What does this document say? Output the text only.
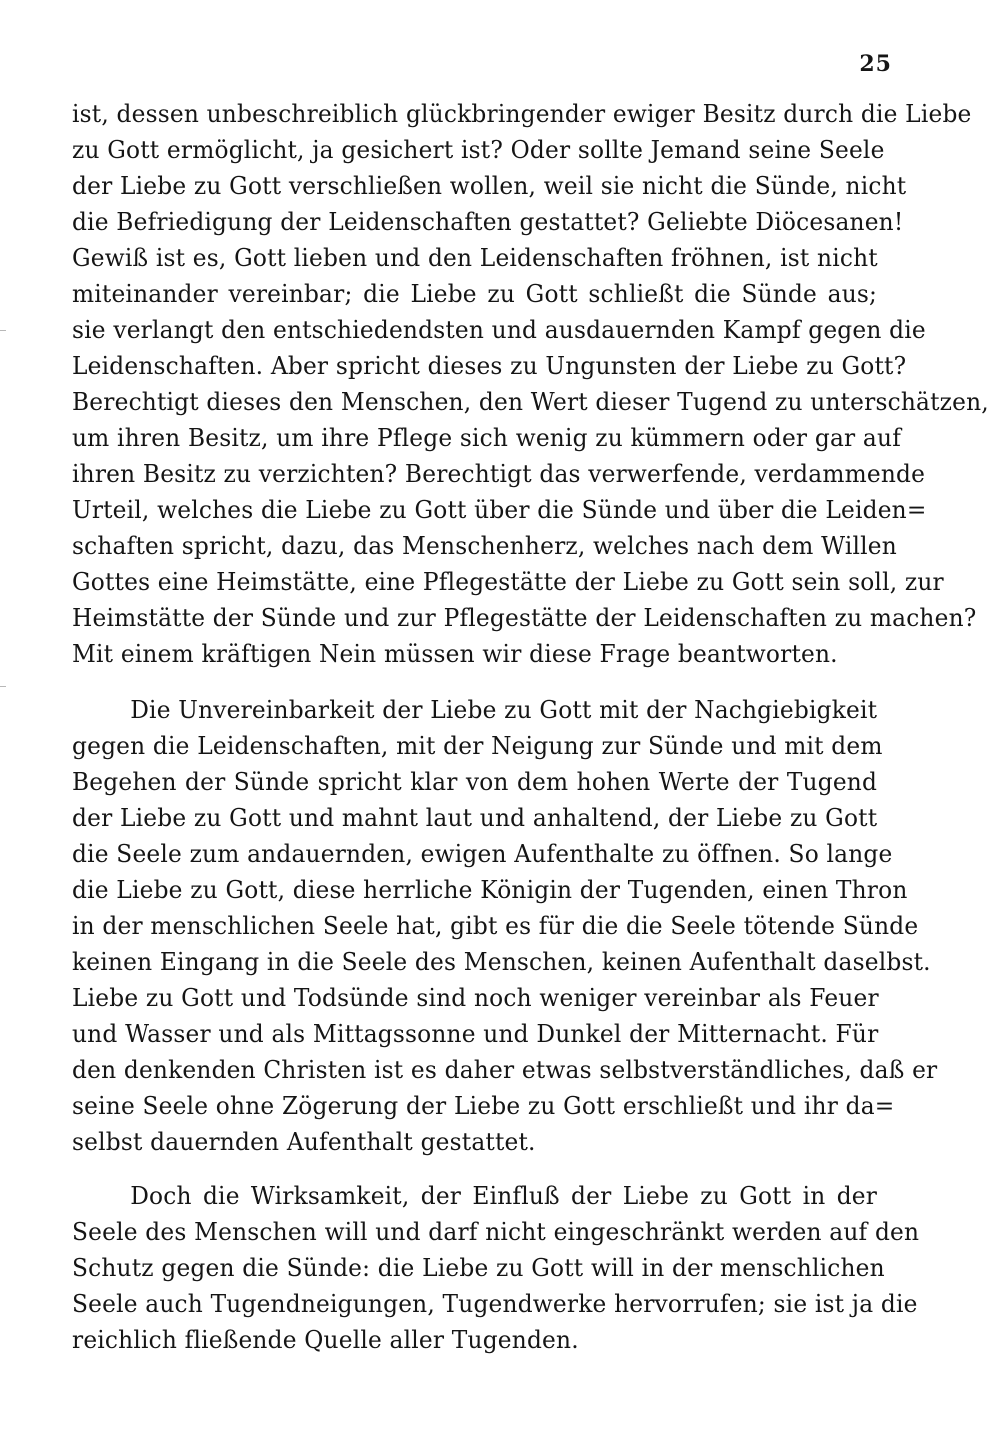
25
ist, dessen unbeschreiblich glückbringender ewiger Besitz durch die Liebe
zu Gott ermöglicht, ja gesichert ist? Oder sollte Jemand seine Seele
der Liebe zu Gott verschließen wollen, weil sie nicht die Sünde, nicht
die Befriedigung der Leidenschaften gestattet? Geliebte Diöcesanen!
Gewiß ist es, Gott lieben und den Leidenschaften fröhnen, ist nicht
miteinander vereinbar; die Liebe zu Gott schließt die Sünde aus;
sie verlangt den entschiedendsten und ausdauernden Kampf gegen die
Leidenschaften. Aber spricht dieses zu Ungunsten der Liebe zu Gott?
Berechtigt dieses den Menschen, den Wert dieser Tugend zu unterschätzen,
um ihren Besitz, um ihre Pflege sich wenig zu kümmern oder gar auf
ihren Besitz zu verzichten? Berechtigt das verwerfende, verdammende
Urteil, welches die Liebe zu Gott über die Sünde und über die Leiden=
schaften spricht, dazu, das Menschenherz, welches nach dem Willen
Gottes eine Heimstätte, eine Pflegestätte der Liebe zu Gott sein soll, zur
Heimstätte der Sünde und zur Pflegestätte der Leidenschaften zu machen?
Mit einem kräftigen Nein müssen wir diese Frage beantworten.
Die Unvereinbarkeit der Liebe zu Gott mit der Nachgiebigkeit
gegen die Leidenschaften, mit der Neigung zur Sünde und mit dem
Begehen der Sünde spricht klar von dem hohen Werte der Tugend
der Liebe zu Gott und mahnt laut und anhaltend, der Liebe zu Gott
die Seele zum andauernden, ewigen Aufenthalte zu öffnen. So lange
die Liebe zu Gott, diese herrliche Königin der Tugenden, einen Thron
in der menschlichen Seele hat, gibt es für die die Seele tötende Sünde
keinen Eingang in die Seele des Menschen, keinen Aufenthalt daselbst.
Liebe zu Gott und Todsünde sind noch weniger vereinbar als Feuer
und Wasser und als Mittagssonne und Dunkel der Mitternacht. Für
den denkenden Christen ist es daher etwas selbstverständliches, daß er
seine Seele ohne Zögerung der Liebe zu Gott erschließt und ihr da=
selbst dauernden Aufenthalt gestattet.
Doch die Wirksamkeit, der Einfluß der Liebe zu Gott in der
Seele des Menschen will und darf nicht eingeschränkt werden auf den
Schutz gegen die Sünde: die Liebe zu Gott will in der menschlichen
Seele auch Tugendneigungen, Tugendwerke hervorrufen; sie ist ja die
reichlich fließende Quelle aller Tugenden.
